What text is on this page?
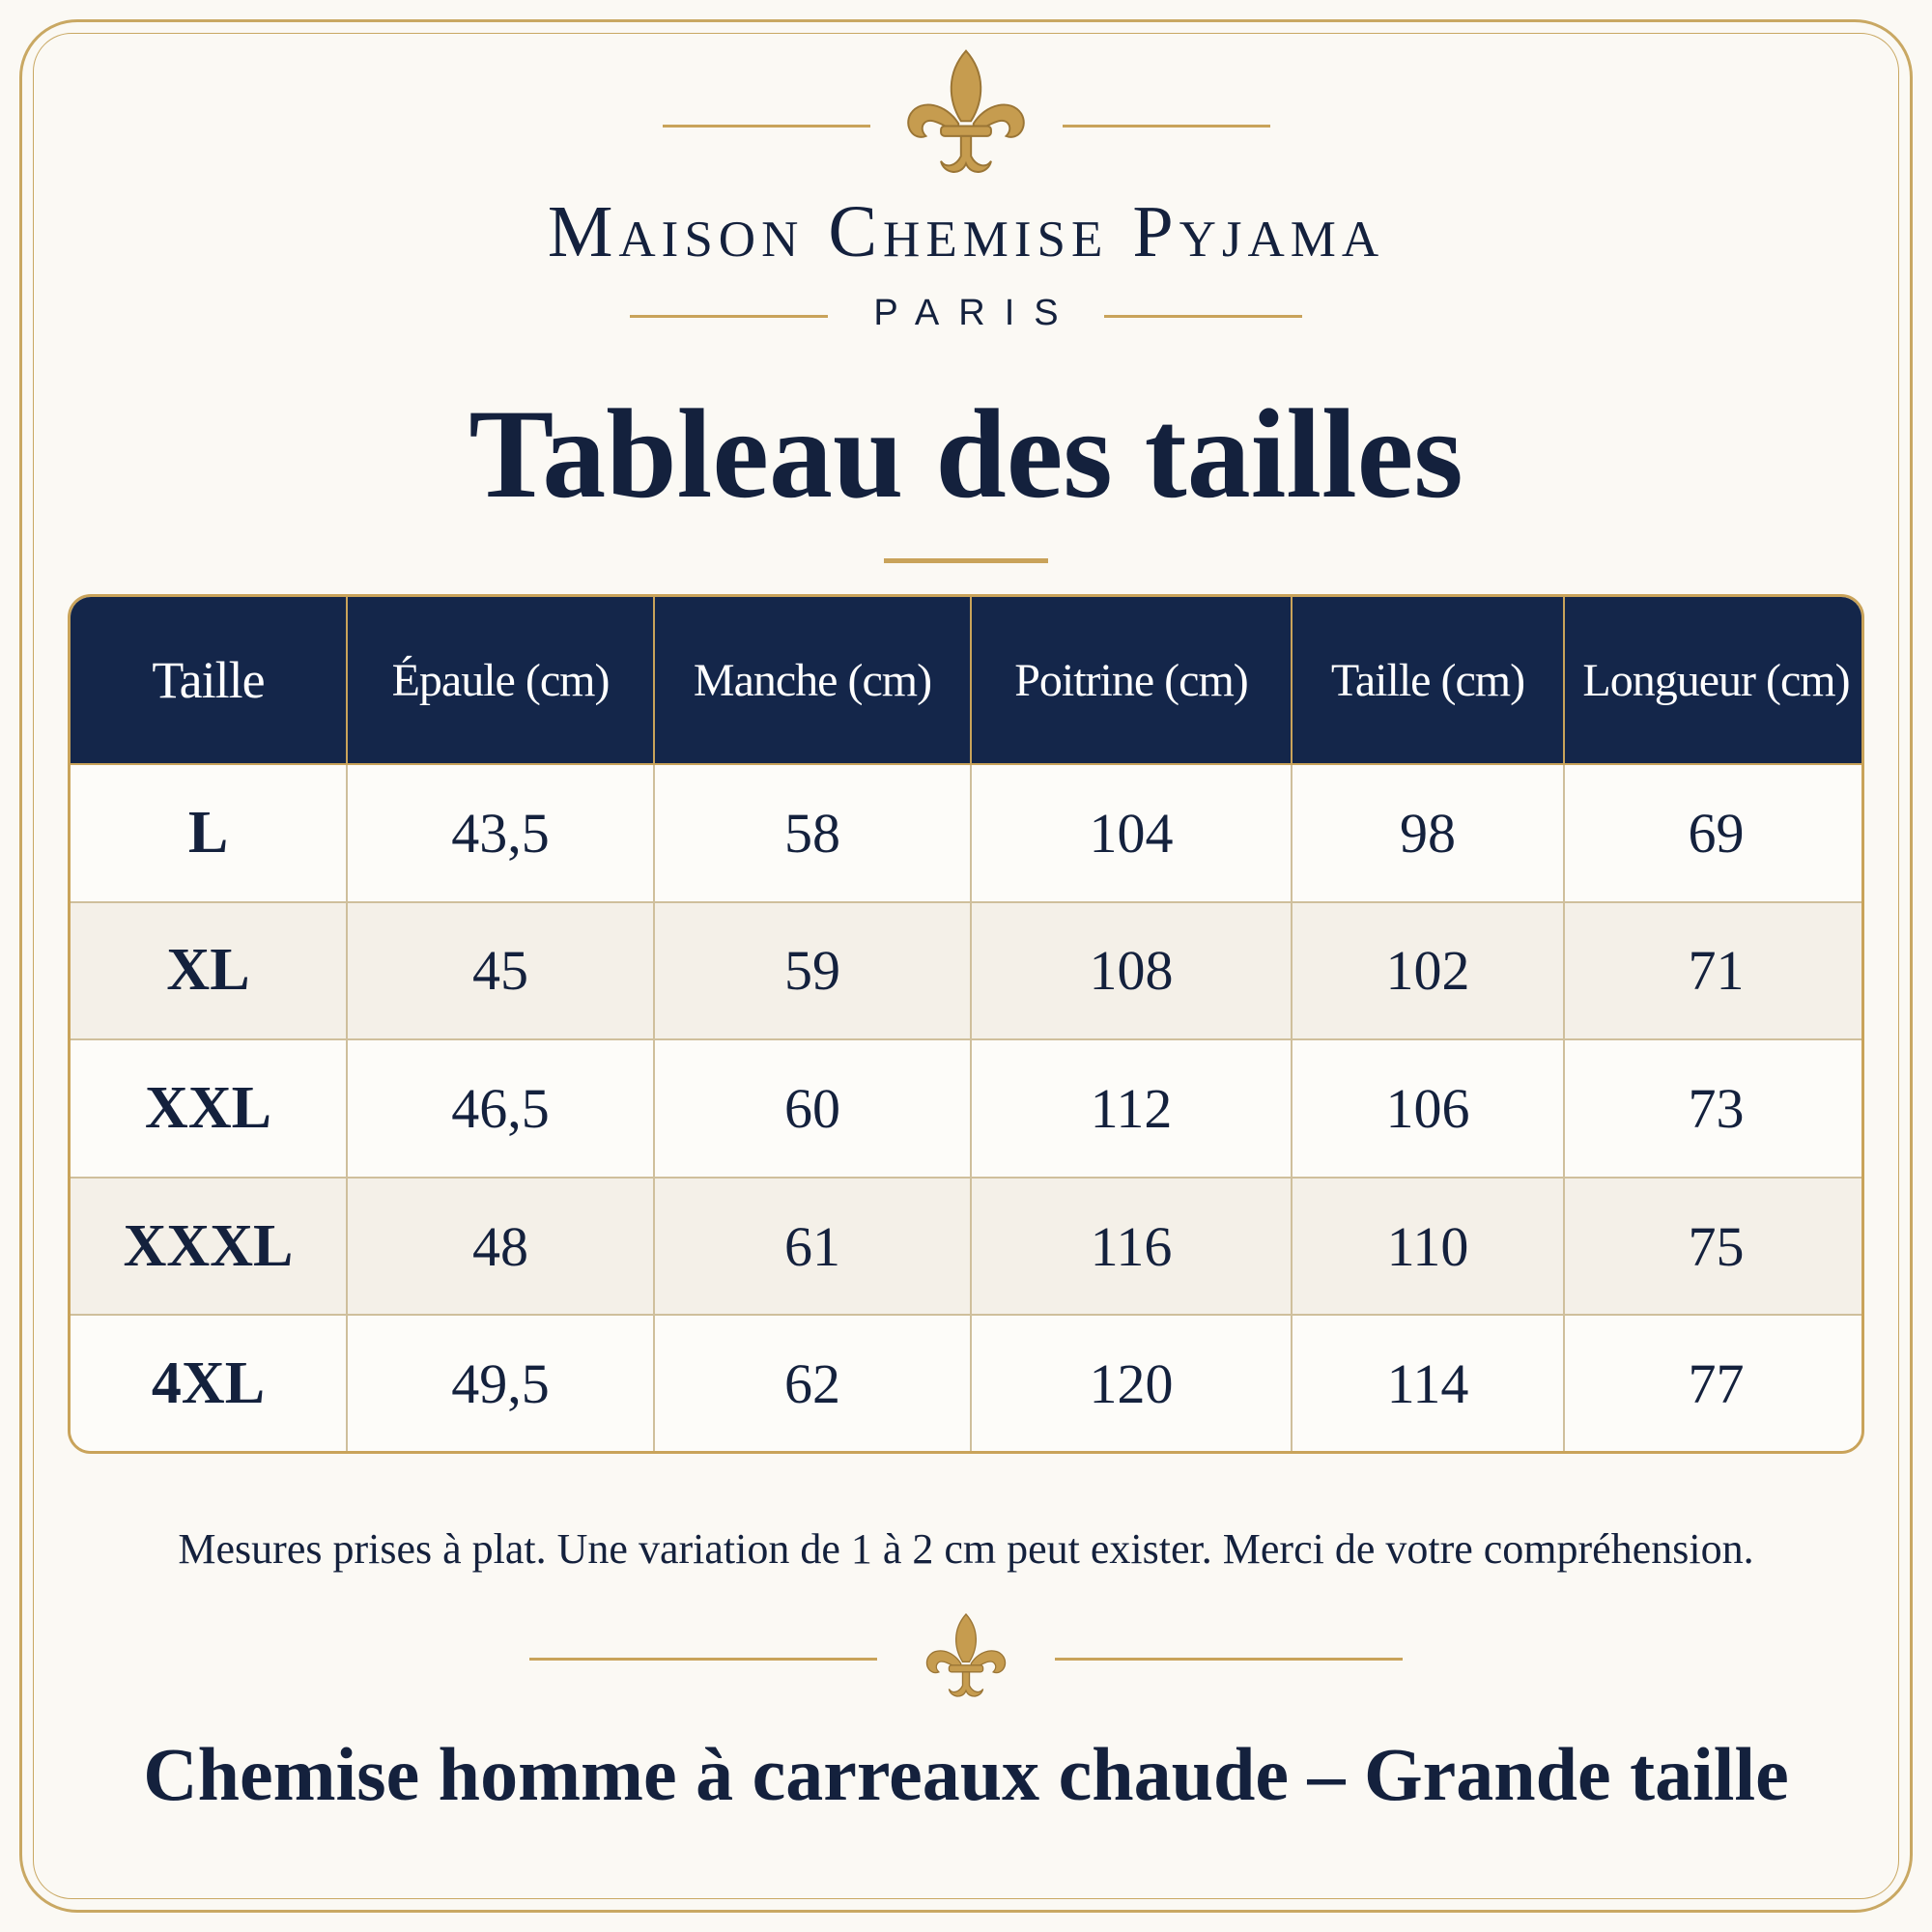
Maison Chemise Pyjama
PARIS
Tableau des tailles
Taille	Épaule (cm)	Manche (cm)	Poitrine (cm)	Taille (cm)	Longueur (cm)
L	43,5	58	104	98	69
XL	45	59	108	102	71
XXL	46,5	60	112	106	73
XXXL	48	61	116	110	75
4XL	49,5	62	120	114	77
Mesures prises à plat. Une variation de 1 à 2 cm peut exister. Merci de votre compréhension.
Chemise homme à carreaux chaude – Grande taille
